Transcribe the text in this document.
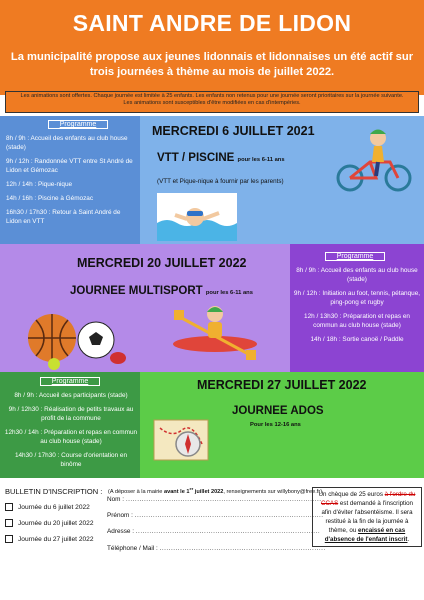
SAINT ANDRE DE LIDON
La municipalité propose aux jeunes lidonnais et lidonnaises un été actif sur trois journées à thème au mois de juillet 2022.
Les animations sont offertes. Chaque journée est limitée à 25 enfants. Les enfants non retenus pour une journée seront prioritaires sur la journée suivante.
Les animations sont susceptibles d'être modifiées en cas d'intempéries.
Programme
8h / 9h : Accueil des enfants au club house (stade)
9h / 12h : Randonnée VTT entre St André de Lidon et Gémozac
12h / 14h : Pique-nique
14h / 16h : Piscine à Gémozac
16h30 / 17h30 : Retour à Saint André de Lidon en VTT
MERCREDI 6 JUILLET 2021
VTT / PISCINE pour les 6-11 ans
(VTT et Pique-nique à fournir par les parents)
MERCREDI 20 JUILLET 2022
JOURNEE MULTISPORT pour les 6-11 ans
Programme
8h / 9h : Accueil des enfants au club house (stade)
9h / 12h : Initiation au foot, tennis, pétanque, ping-pong et rugby
12h / 13h30 : Préparation et repas en commun au club house (stade)
14h / 18h : Sortie canoë / Paddle
Programme
8h / 9h : Accueil des participants (stade)
9h / 12h30 : Réalisation de petits travaux au profit de la commune
12h30 / 14h : Préparation et repas en commun au club house (stade)
14h30 / 17h30 : Course d'orientation en binôme
MERCREDI 27 JUILLET 2022
JOURNEE ADOS
Pour les 12-16 ans
BULLETIN D'INSCRIPTION :
Journée du 6 juillet 2022
Journée du 20 juillet 2022
Journée du 27 juillet 2022
(A déposer à la mairie avant le 1er juillet 2022, renseignements sur willybony@free.fr)
Nom : ......................................................................................
Prénom : ...................................................................................
Adresse : .................................................................................
Téléphone / Mail : .........................................................................
Un chèque de 25 euros à l'ordre du CCAS est demandé à l'inscription afin d'éviter l'absentéisme. Il sera restitué à la fin de la journée à thème, ou encaissé en cas d'absence de l'enfant inscrit.
